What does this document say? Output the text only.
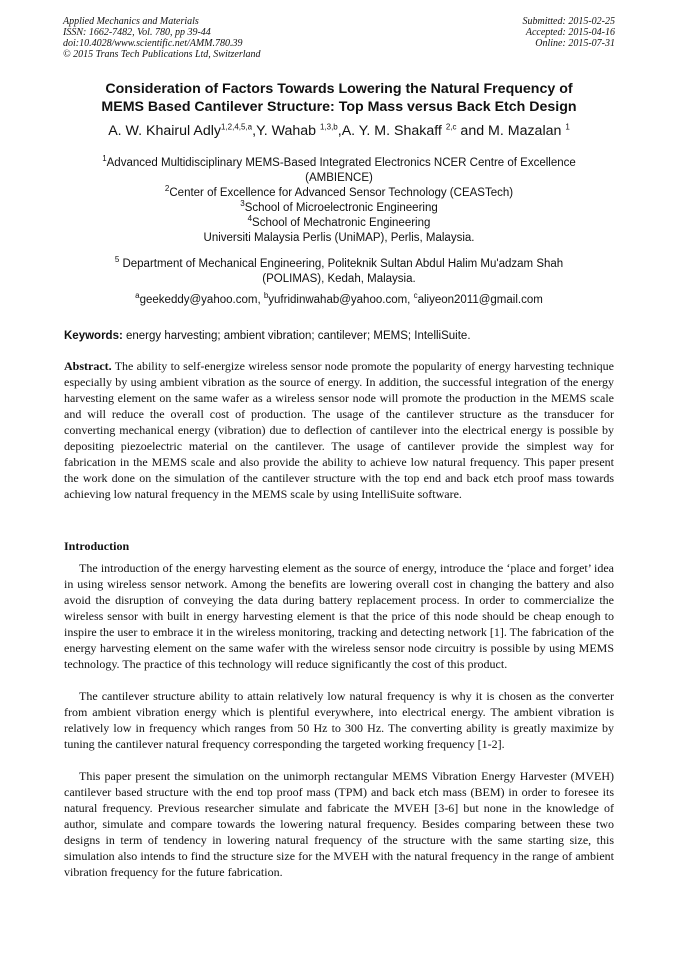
Applied Mechanics and Materials
ISSN: 1662-7482, Vol. 780, pp 39-44
doi:10.4028/www.scientific.net/AMM.780.39
© 2015 Trans Tech Publications Ltd, Switzerland
Submitted: 2015-02-25
Accepted: 2015-04-16
Online: 2015-07-31
Consideration of Factors Towards Lowering the Natural Frequency of
MEMS Based Cantilever Structure: Top Mass versus Back Etch Design
A. W. Khairul Adly$^{1,2,4,5,a}$,Y. Wahab $^{1,3,b}$,A. Y. M. Shakaff $^{2,c}$ and M. Mazalan $^1$
$^1$Advanced Multidisciplinary MEMS-Based Integrated Electronics NCER Centre of Excellence
(AMBIENCE)
$^2$Center of Excellence for Advanced Sensor Technology (CEASTech)
$^3$School of Microelectronic Engineering
$^4$School of Mechatronic Engineering
Universiti Malaysia Perlis (UniMAP), Perlis, Malaysia.
$^5$ Department of Mechanical Engineering, Politeknik Sultan Abdul Halim Mu'adzam Shah
(POLIMAS), Kedah, Malaysia.
$^a$geekeddy@yahoo.com, $^b$yufridinwahab@yahoo.com, $^c$aliyeon2011@gmail.com
Keywords: energy harvesting; ambient vibration; cantilever; MEMS; IntelliSuite.
Abstract. The ability to self-energize wireless sensor node promote the popularity of energy harvesting technique especially by using ambient vibration as the source of energy. In addition, the successful integration of the energy harvesting element on the same wafer as a wireless sensor node will promote the production in the MEMS scale and will reduce the overall cost of production. The usage of the cantilever structure as the transducer for converting mechanical energy (vibration) due to deflection of cantilever into the electrical energy is possible by depositing piezoelectric material on the cantilever. The usage of cantilever provide the simplest way for fabrication in the MEMS scale and also provide the ability to achieve low natural frequency. This paper present the work done on the simulation of the cantilever structure with the top end and back etch proof mass towards achieving low natural frequency in the MEMS scale by using IntelliSuite software.
Introduction
The introduction of the energy harvesting element as the source of energy, introduce the ‘place and forget’ idea in using wireless sensor network. Among the benefits are lowering overall cost in changing the battery and also avoid the disruption of conveying the data during battery replacement process. In order to commercialize the wireless sensor with built in energy harvesting element is that the price of this node should be cheap enough to inspire the user to embrace it in the wireless monitoring, tracking and detecting network [1]. The fabrication of the energy harvesting element on the same wafer with the wireless sensor node circuitry is possible by using MEMS technology. The practice of this technology will reduce significantly the cost of this product.
The cantilever structure ability to attain relatively low natural frequency is why it is chosen as the converter from ambient vibration energy which is plentiful everywhere, into electrical energy. The ambient vibration is relatively low in frequency which ranges from 50 Hz to 300 Hz. The converting ability is greatly maximize by tuning the cantilever natural frequency corresponding the targeted working frequency [1-2].
This paper present the simulation on the unimorph rectangular MEMS Vibration Energy Harvester (MVEH) cantilever based structure with the end top proof mass (TPM) and back etch mass (BEM) in order to foresee its natural frequency. Previous researcher simulate and fabricate the MVEH [3-6] but none in the knowledge of author, simulate and compare towards the lowering natural frequency. Besides comparing between these two designs in term of tendency in lowering natural frequency of the structure with the same starting size, this simulation also intends to find the structure size for the MVEH with the natural frequency in the range of ambient vibration frequency for the future fabrication.
